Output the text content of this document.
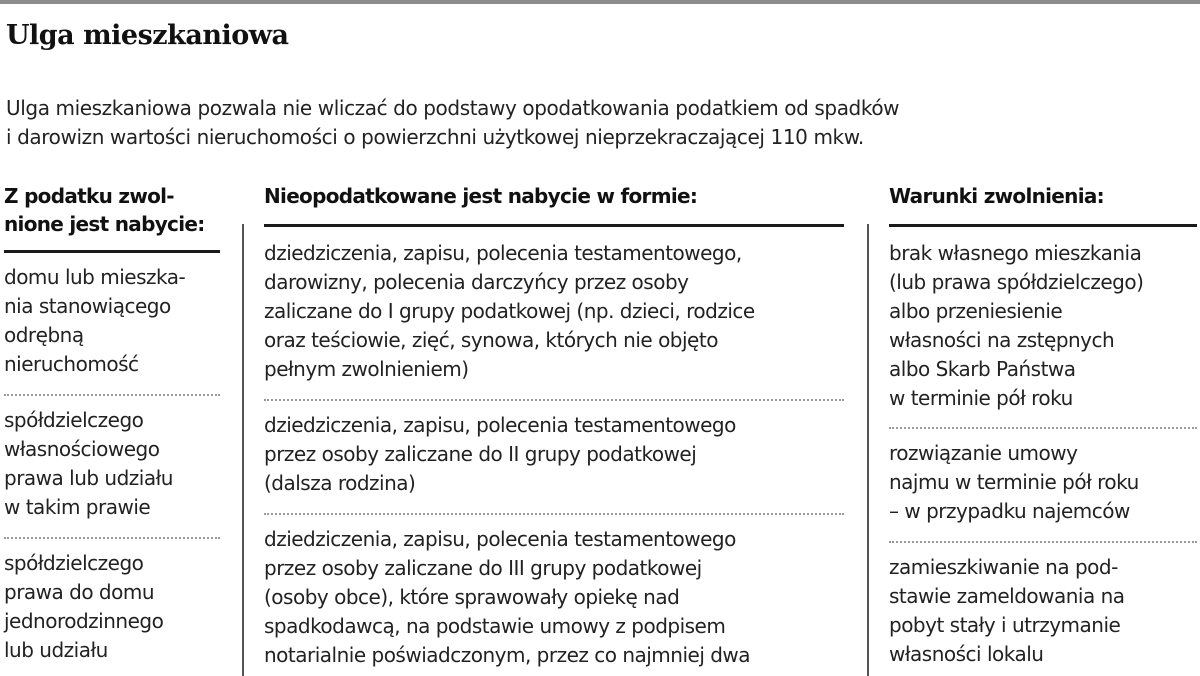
Ulga mieszkaniowa
Ulga mieszkaniowa pozwala nie wliczać do podstawy opodatkowania podatkiem od spadków
i darowizn wartości nieruchomości o powierzchni użytkowej nieprzekraczającej 110 mkw.
Z podatku zwol-
nione jest nabycie:
domu lub mieszka-
nia stanowiącego
odrębną
nieruchomość
spółdzielczego
własnościowego
prawa lub udziału
w takim prawie
spółdzielczego
prawa do domu
jednorodzinnego
lub udziału
Nieopodatkowane jest nabycie w formie:
dziedziczenia, zapisu, polecenia testamentowego,
darowizny, polecenia darczyńcy przez osoby
zaliczane do I grupy podatkowej (np. dzieci, rodzice
oraz teściowie, zięć, synowa, których nie objęto
pełnym zwolnieniem)
dziedziczenia, zapisu, polecenia testamentowego
przez osoby zaliczane do II grupy podatkowej
(dalsza rodzina)
dziedziczenia, zapisu, polecenia testamentowego
przez osoby zaliczane do III grupy podatkowej
(osoby obce), które sprawowały opiekę nad
spadkodawcą, na podstawie umowy z podpisem
notarialnie poświadczonym, przez co najmniej dwa
Warunki zwolnienia:
brak własnego mieszkania
(lub prawa spółdzielczego)
albo przeniesienie
własności na zstępnych
albo Skarb Państwa
w terminie pół roku
rozwiązanie umowy
najmu w terminie pół roku
– w przypadku najemców
zamieszkiwanie na pod-
stawie zameldowania na
pobyt stały i utrzymanie
własności lokalu
